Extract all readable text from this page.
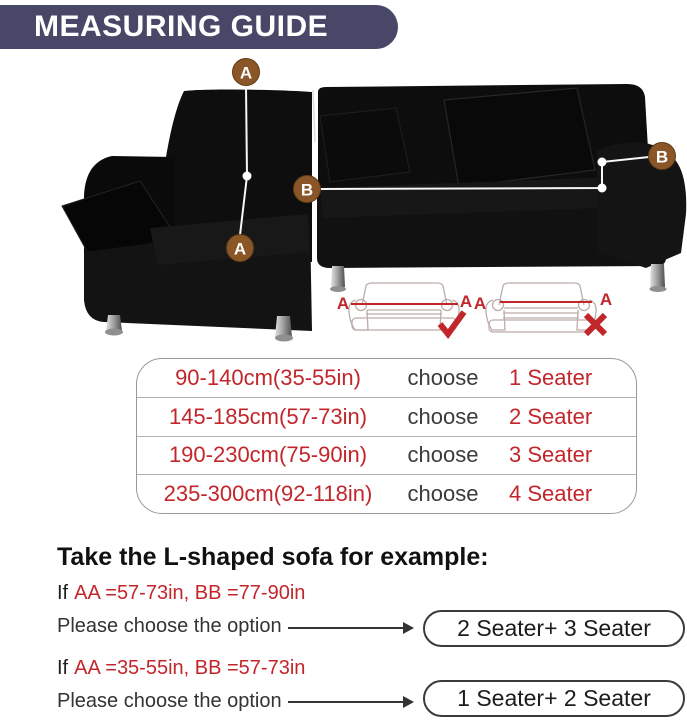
MEASURING GUIDE
A
A
B
B
A	A A	A
90-140cm(35-55in)	choose	1 Seater
145-185cm(57-73in)	choose	2 Seater
190-230cm(75-90in)	choose	3 Seater
235-300cm(92-118in)	choose	4 Seater
Take the L-shaped sofa for example:
If AA =57-73in, BB =77-90in
Please choose the option	2 Seater+ 3 Seater
If AA =35-55in, BB =57-73in
Please choose the option	1 Seater+ 2 Seater
